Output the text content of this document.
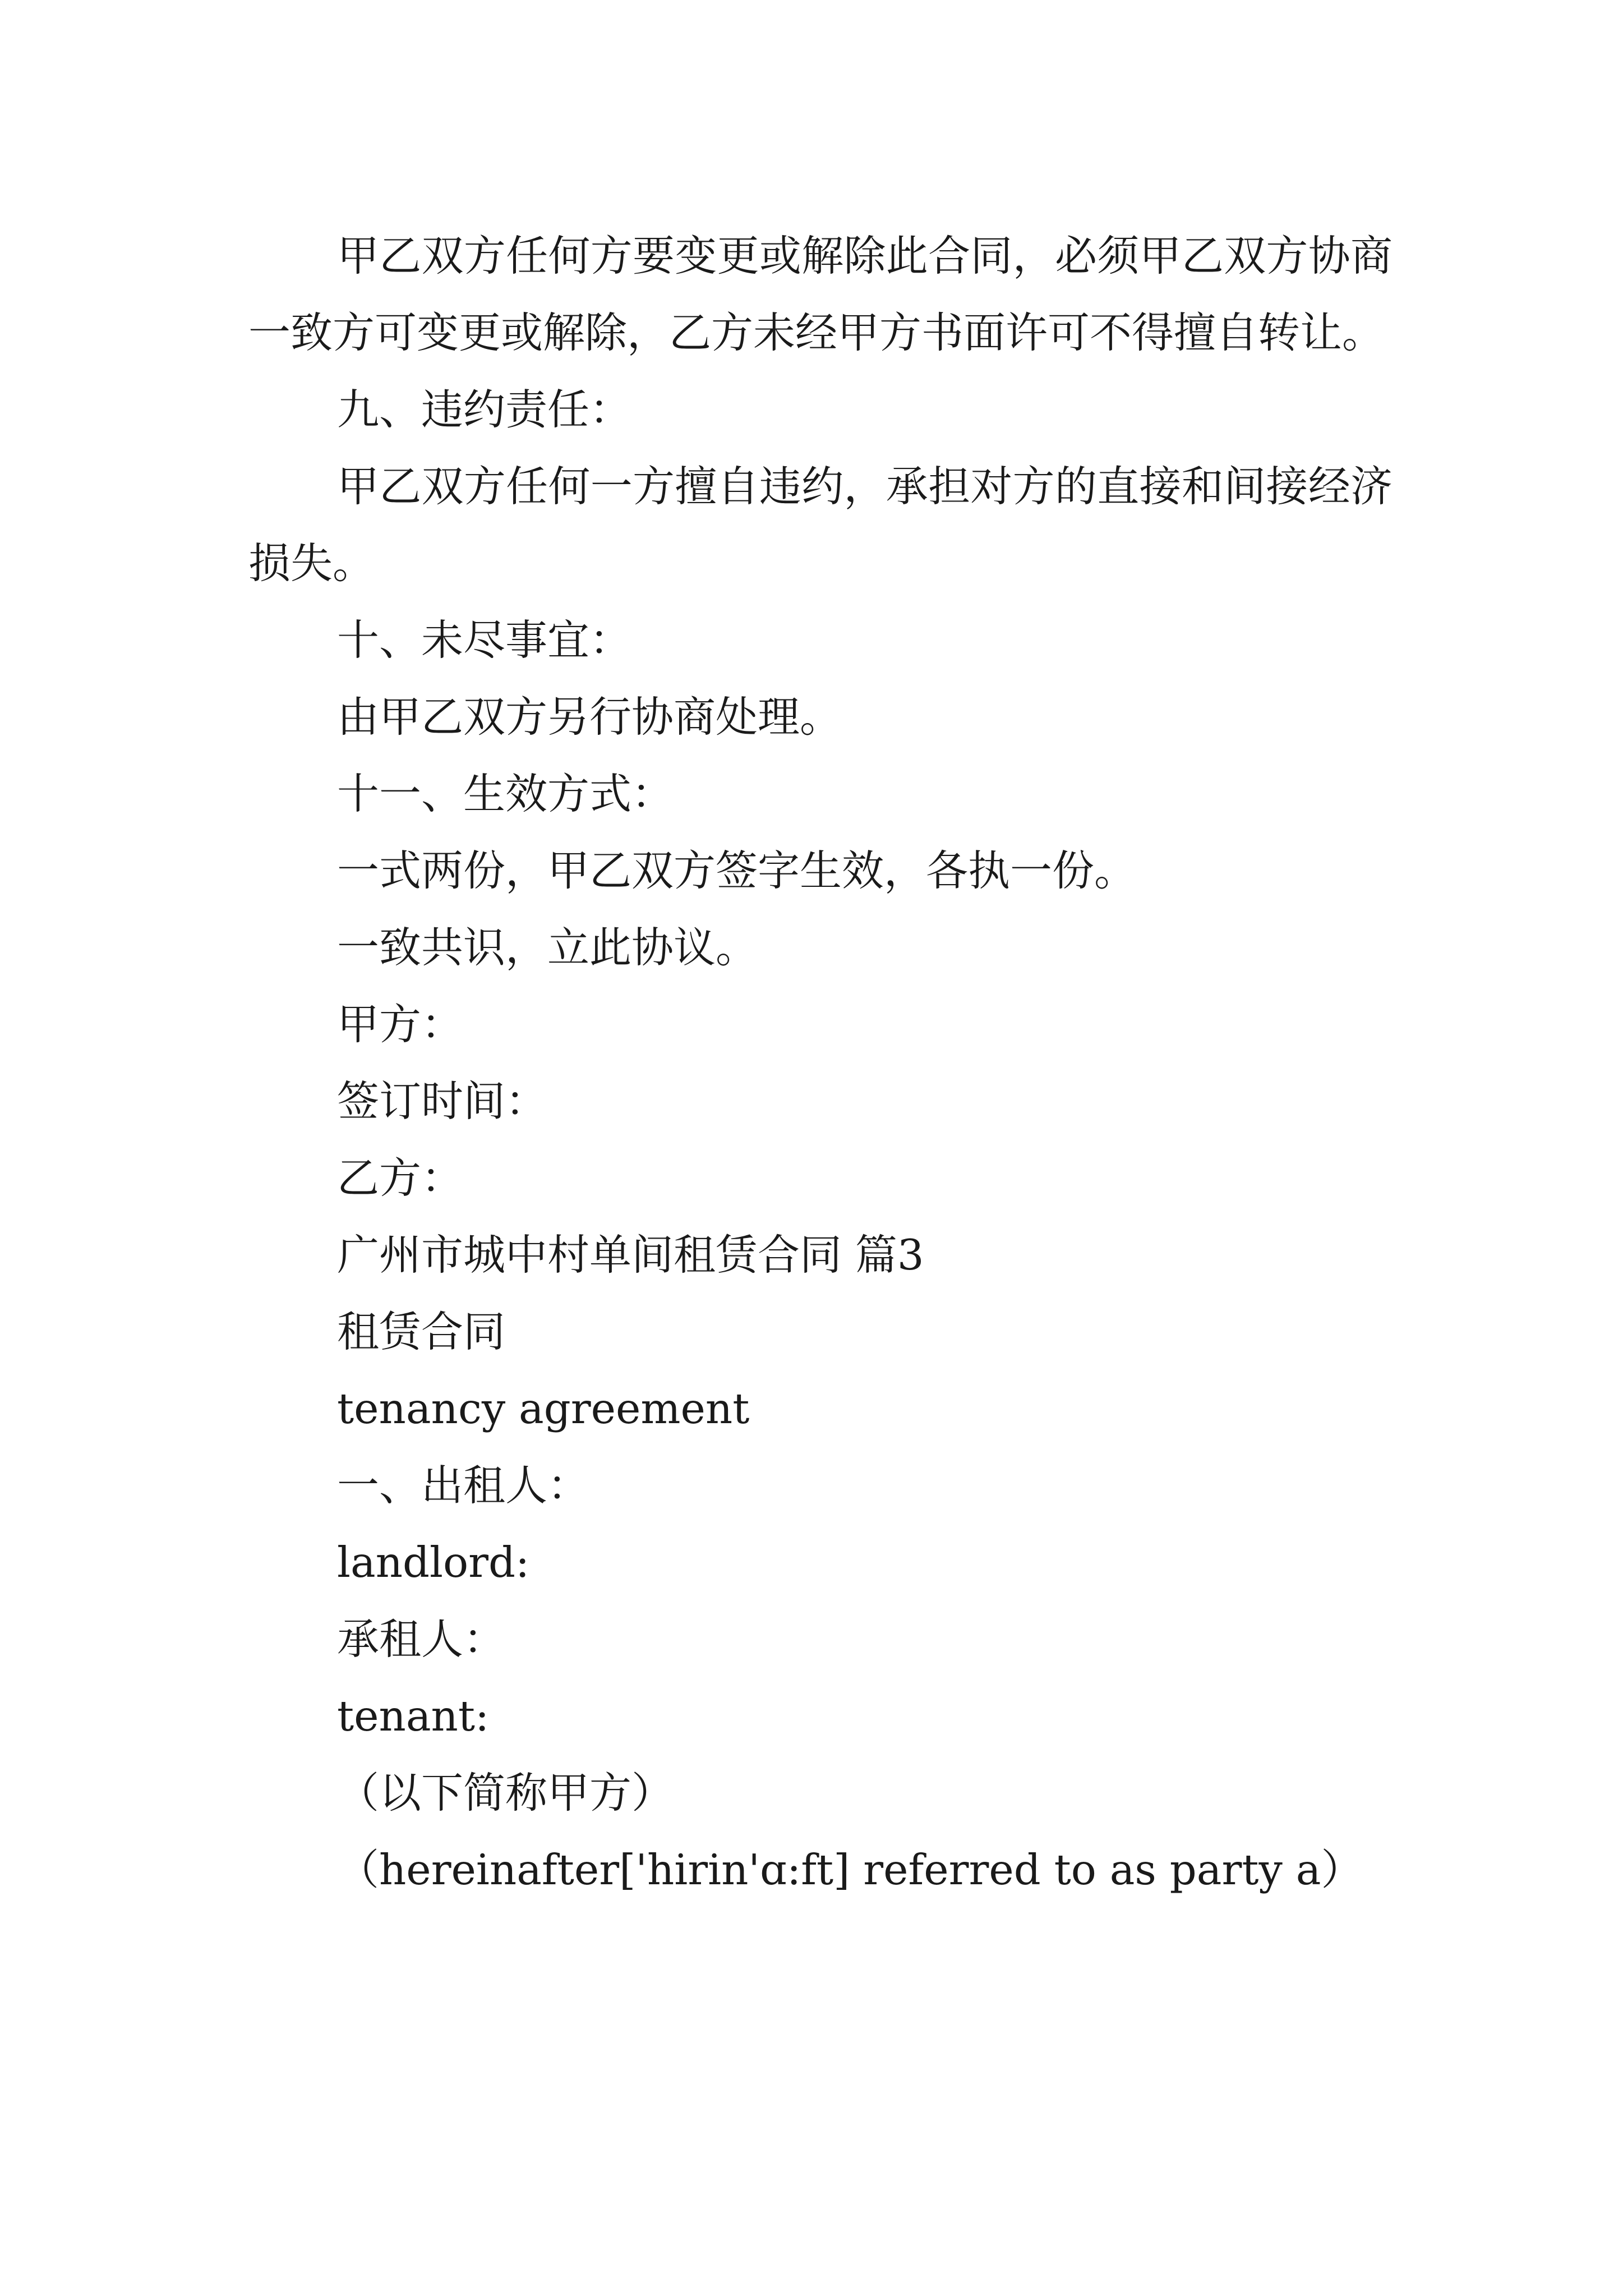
甲乙双方任何方要变更或解除此合同，必须甲乙双方协商一致方可变更或解除，乙方未经甲方书面许可不得擅自转让。

九、违约责任：

甲乙双方任何一方擅自违约，承担对方的直接和间接经济损失。

十、未尽事宜：

由甲乙双方另行协商处理。

十一、生效方式：

一式两份，甲乙双方签字生效，各执一份。

一致共识，立此协议。

甲方：

签订时间：

乙方：

广州市城中村单间租赁合同 篇3

租赁合同

tenancy agreement

一、出租人：

landlord:

承租人：

tenant:

（以下简称甲方）

（hereinafter['hirin'ɑ:ft] referred to as party a）
